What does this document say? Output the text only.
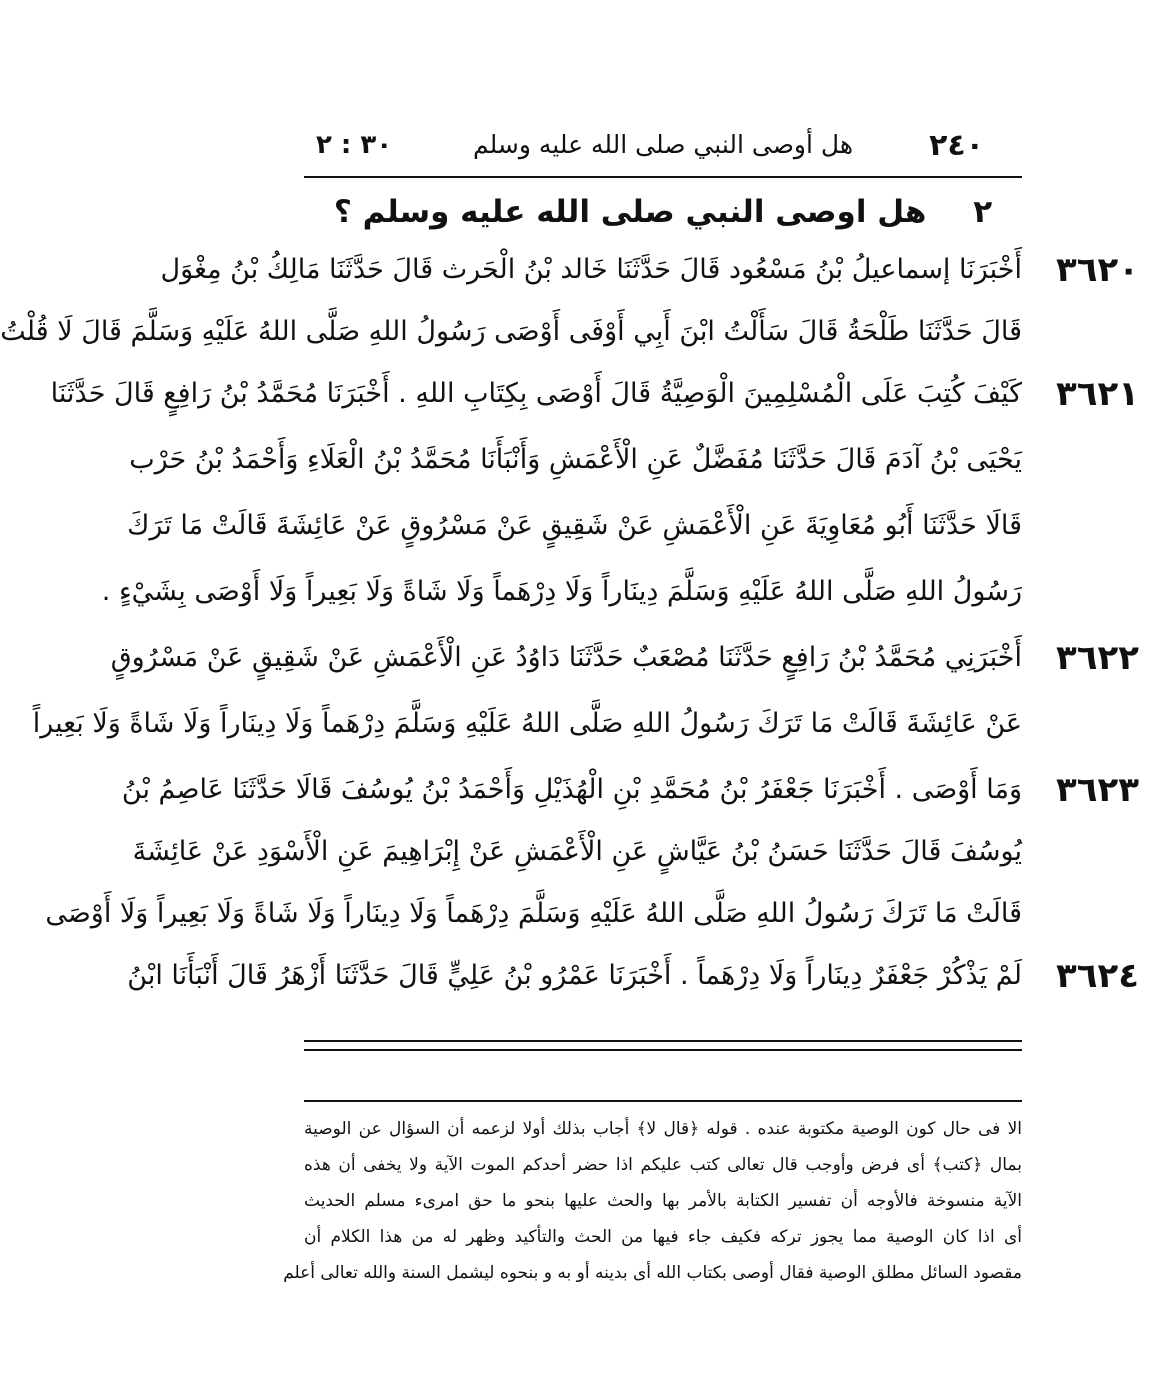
٢٤٠
هل أوصى النبي صلى الله عليه وسلم
٣٠ : ٢
٢ هل اوصى النبي صلى الله عليه وسلم ؟
٣٦٢٠
٣٦٢١
٣٦٢٢
٣٦٢٣
٣٦٢٤
أَخْبَرَنَا إسماعيلُ بْنُ مَسْعُود قَالَ حَدَّثَنَا خَالد بْنُ الْحَرث قَالَ حَدَّثَنَا مَالِكُ بْنُ مِغْوَل
قَالَ حَدَّثَنَا طَلْحَةُ قَالَ سَأَلْتُ ابْنَ أَبِي أَوْفَى أَوْصَى رَسُولُ اللهِ صَلَّى اللهُ عَلَيْهِ وَسَلَّمَ قَالَ لَا قُلْتُ
كَيْفَ كُتِبَ عَلَى الْمُسْلِمِينَ الْوَصِيَّةُ قَالَ أَوْصَى بِكِتَابِ اللهِ . أَخْبَرَنَا مُحَمَّدُ بْنُ رَافِعٍ قَالَ حَدَّثَنَا
يَحْيَى بْنُ آدَمَ قَالَ حَدَّثَنَا مُفَضَّلٌ عَنِ الْأَعْمَشِ وَأَنْبَأَنَا مُحَمَّدُ بْنُ الْعَلَاءِ وَأَحْمَدُ بْنُ حَرْب
قَالَا حَدَّثَنَا أَبُو مُعَاوِيَةَ عَنِ الْأَعْمَشِ عَنْ شَقِيقٍ عَنْ مَسْرُوقٍ عَنْ عَائِشَةَ قَالَتْ مَا تَرَكَ
رَسُولُ اللهِ صَلَّى اللهُ عَلَيْهِ وَسَلَّمَ دِينَاراً وَلَا دِرْهَماً وَلَا شَاةً وَلَا بَعِيراً وَلَا أَوْصَى بِشَيْءٍ .
أَخْبَرَنِي مُحَمَّدُ بْنُ رَافِعٍ حَدَّثَنَا مُصْعَبٌ حَدَّثَنَا دَاوُدُ عَنِ الْأَعْمَشِ عَنْ شَقِيقٍ عَنْ مَسْرُوقٍ
عَنْ عَائِشَةَ قَالَتْ مَا تَرَكَ رَسُولُ اللهِ صَلَّى اللهُ عَلَيْهِ وَسَلَّمَ دِرْهَماً وَلَا دِينَاراً وَلَا شَاةً وَلَا بَعِيراً
وَمَا أَوْصَى . أَخْبَرَنَا جَعْفَرُ بْنُ مُحَمَّدِ بْنِ الْهُذَيْلِ وَأَحْمَدُ بْنُ يُوسُفَ قَالَا حَدَّثَنَا عَاصِمُ بْنُ
يُوسُفَ قَالَ حَدَّثَنَا حَسَنُ بْنُ عَيَّاشٍ عَنِ الْأَعْمَشِ عَنْ إِبْرَاهِيمَ عَنِ الْأَسْوَدِ عَنْ عَائِشَةَ
قَالَتْ مَا تَرَكَ رَسُولُ اللهِ صَلَّى اللهُ عَلَيْهِ وَسَلَّمَ دِرْهَماً وَلَا دِينَاراً وَلَا شَاةً وَلَا بَعِيراً وَلَا أَوْصَى
لَمْ يَذْكُرْ جَعْفَرٌ دِينَاراً وَلَا دِرْهَماً . أَخْبَرَنَا عَمْرُو بْنُ عَلِيٍّ قَالَ حَدَّثَنَا أَزْهَرُ قَالَ أَنْبَأَنَا ابْنُ
الا فى حال كون الوصية مكتوبة عنده . قوله ﴿قال لا﴾ أجاب بذلك أولا لزعمه أن السؤال عن الوصية
بمال ﴿كتب﴾ أى فرض وأوجب قال تعالى كتب عليكم اذا حضر أحدكم الموت الآية ولا يخفى أن هذه
الآية منسوخة فالأوجه أن تفسير الكتابة بالأمر بها والحث عليها بنحو ما حق امرىء مسلم الحديث
أى اذا كان الوصية مما يجوز تركه فكيف جاء فيها من الحث والتأكيد وظهر له من هذا الكلام أن
مقصود السائل مطلق الوصية فقال أوصى بكتاب الله أى بدينه أو به و بنحوه ليشمل السنة والله تعالى أعلم
